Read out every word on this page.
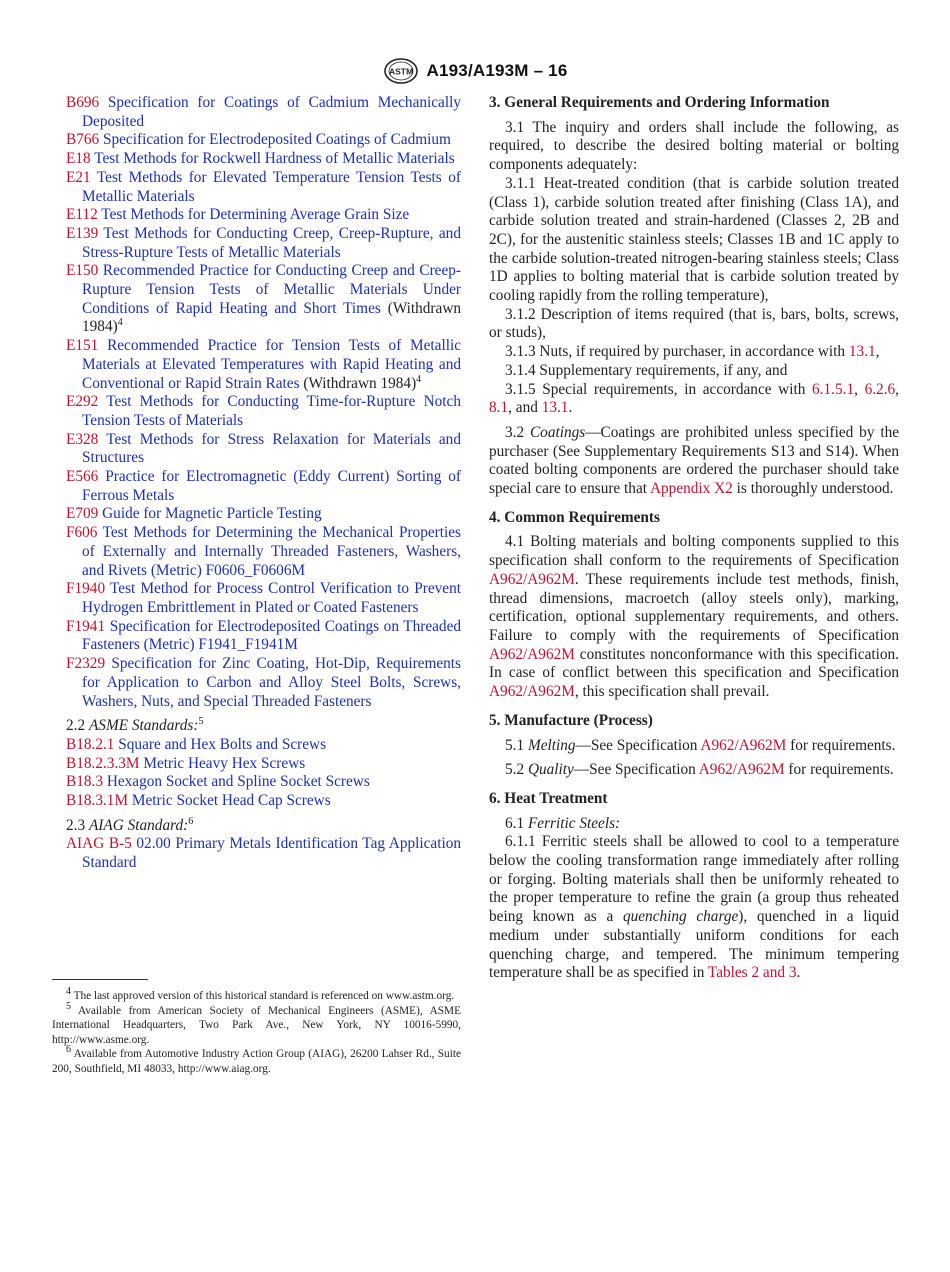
ASTM A193/A193M – 16
B696 Specification for Coatings of Cadmium Mechanically Deposited
B766 Specification for Electrodeposited Coatings of Cadmium
E18 Test Methods for Rockwell Hardness of Metallic Materials
E21 Test Methods for Elevated Temperature Tension Tests of Metallic Materials
E112 Test Methods for Determining Average Grain Size
E139 Test Methods for Conducting Creep, Creep-Rupture, and Stress-Rupture Tests of Metallic Materials
E150 Recommended Practice for Conducting Creep and Creep-Rupture Tension Tests of Metallic Materials Under Conditions of Rapid Heating and Short Times (Withdrawn 1984)$^4$
E151 Recommended Practice for Tension Tests of Metallic Materials at Elevated Temperatures with Rapid Heating and Conventional or Rapid Strain Rates (Withdrawn 1984)$^4$
E292 Test Methods for Conducting Time-for-Rupture Notch Tension Tests of Materials
E328 Test Methods for Stress Relaxation for Materials and Structures
E566 Practice for Electromagnetic (Eddy Current) Sorting of Ferrous Metals
E709 Guide for Magnetic Particle Testing
F606 Test Methods for Determining the Mechanical Properties of Externally and Internally Threaded Fasteners, Washers, and Rivets (Metric) F0606_F0606M
F1940 Test Method for Process Control Verification to Prevent Hydrogen Embrittlement in Plated or Coated Fasteners
F1941 Specification for Electrodeposited Coatings on Threaded Fasteners (Metric) F1941_F1941M
F2329 Specification for Zinc Coating, Hot-Dip, Requirements for Application to Carbon and Alloy Steel Bolts, Screws, Washers, Nuts, and Special Threaded Fasteners
2.2 ASME Standards:$^5$
B18.2.1 Square and Hex Bolts and Screws
B18.2.3.3M Metric Heavy Hex Screws
B18.3 Hexagon Socket and Spline Socket Screws
B18.3.1M Metric Socket Head Cap Screws
2.3 AIAG Standard:$^6$
AIAG B-5 02.00 Primary Metals Identification Tag Application Standard
$^4$ The last approved version of this historical standard is referenced on www.astm.org.
$^5$ Available from American Society of Mechanical Engineers (ASME), ASME International Headquarters, Two Park Ave., New York, NY 10016-5990, http://www.asme.org.
$^6$ Available from Automotive Industry Action Group (AIAG), 26200 Lahser Rd., Suite 200, Southfield, MI 48033, http://www.aiag.org.
3. General Requirements and Ordering Information

3.1 The inquiry and orders shall include the following, as required, to describe the desired bolting material or bolting components adequately:

3.1.1 Heat-treated condition (that is carbide solution treated (Class 1), carbide solution treated after finishing (Class 1A), and carbide solution treated and strain-hardened (Classes 2, 2B and 2C), for the austenitic stainless steels; Classes 1B and 1C apply to the carbide solution-treated nitrogen-bearing stainless steels; Class 1D applies to bolting material that is carbide solution treated by cooling rapidly from the rolling temperature),

3.1.2 Description of items required (that is, bars, bolts, screws, or studs),

3.1.3 Nuts, if required by purchaser, in accordance with 13.1,

3.1.4 Supplementary requirements, if any, and

3.1.5 Special requirements, in accordance with 6.1.5.1, 6.2.6, 8.1, and 13.1.

3.2 Coatings—Coatings are prohibited unless specified by the purchaser (See Supplementary Requirements S13 and S14). When coated bolting components are ordered the purchaser should take special care to ensure that Appendix X2 is thoroughly understood.

4. Common Requirements

4.1 Bolting materials and bolting components supplied to this specification shall conform to the requirements of Specification A962/A962M. These requirements include test methods, finish, thread dimensions, macroetch (alloy steels only), marking, certification, optional supplementary requirements, and others. Failure to comply with the requirements of Specification A962/A962M constitutes nonconformance with this specification. In case of conflict between this specification and Specification A962/A962M, this specification shall prevail.

5. Manufacture (Process)

5.1 Melting—See Specification A962/A962M for requirements.

5.2 Quality—See Specification A962/A962M for requirements.

6. Heat Treatment

6.1 Ferritic Steels:

6.1.1 Ferritic steels shall be allowed to cool to a temperature below the cooling transformation range immediately after rolling or forging. Bolting materials shall then be uniformly reheated to the proper temperature to refine the grain (a group thus reheated being known as a quenching charge), quenched in a liquid medium under substantially uniform conditions for each quenching charge, and tempered. The minimum tempering temperature shall be as specified in Tables 2 and 3.
